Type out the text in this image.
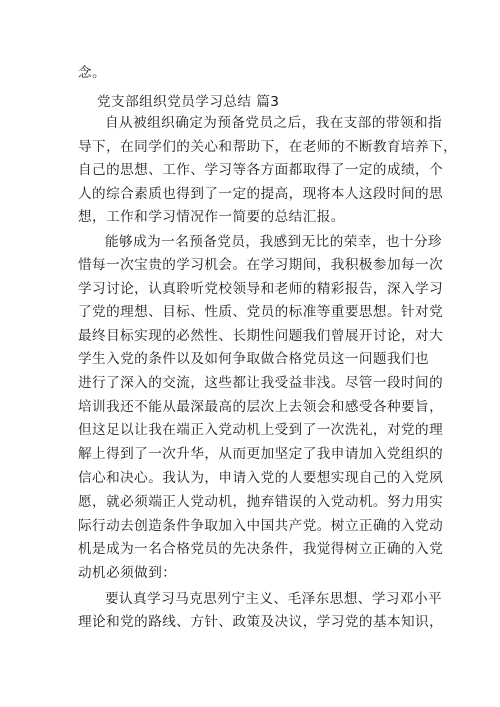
念。
党支部组织党员学习总结 篇3
自从被组织确定为预备党员之后，我在支部的带领和指
导下，在同学们的关心和帮助下，在老师的不断教育培养下，
自己的思想、工作、学习等各方面都取得了一定的成绩，个
人的综合素质也得到了一定的提高，现将本人这段时间的思
想，工作和学习情况作一简要的总结汇报。
能够成为一名预备党员，我感到无比的荣幸，也十分珍
惜每一次宝贵的学习机会。在学习期间，我积极参加每一次
学习讨论，认真聆听党校领导和老师的精彩报告，深入学习
了党的理想、目标、性质、党员的标准等重要思想。针对党
最终目标实现的必然性、长期性问题我们曾展开讨论，对大
学生入党的条件以及如何争取做合格党员这一问题我们也
进行了深入的交流，这些都让我受益非浅。尽管一段时间的
培训我还不能从最深最高的层次上去领会和感受各种要旨，
但这足以让我在端正入党动机上受到了一次洗礼，对党的理
解上得到了一次升华，从而更加坚定了我申请加入党组织的
信心和决心。我认为，申请入党的人要想实现自己的入党夙
愿，就必须端正人党动机，抛弃错误的入党动机。努力用实
际行动去创造条件争取加入中国共产党。树立正确的入党动
机是成为一名合格党员的先决条件，我觉得树立正确的入党
动机必须做到：
要认真学习马克思列宁主义、毛泽东思想、学习邓小平
理论和党的路线、方针、政策及决议，学习党的基本知识，
